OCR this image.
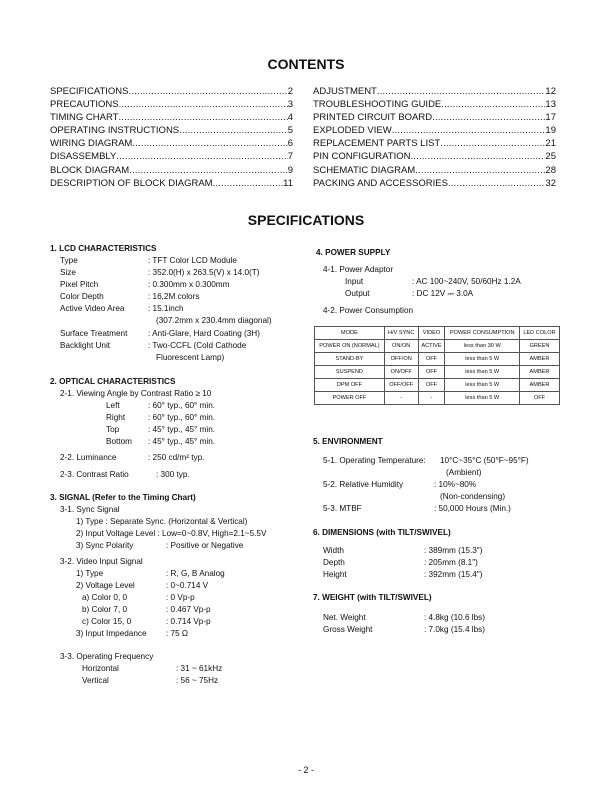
CONTENTS
SPECIFICATIONS .....	2
PRECAUTIONS .....	3
TIMING CHART .....	4
OPERATING INSTRUCTIONS .....	5
WIRING DIAGRAM .....	6
DISASSEMBLY .....	7
BLOCK DIAGRAM .....	9
DESCRIPTION OF BLOCK DIAGRAM .....	11
ADJUSTMENT .....	12
TROUBLESHOOTING GUIDE .....	13
PRINTED CIRCUIT BOARD .....	17
EXPLODED VIEW .....	19
REPLACEMENT PARTS LIST .....	21
PIN CONFIGURATION .....	25
SCHEMATIC DIAGRAM .....	28
PACKING AND ACCESSORIES .....	32
SPECIFICATIONS
1. LCD CHARACTERISTICS
Type	: TFT Color LCD Module
Size	: 352.0(H) x 263.5(V) x 14.0(T)
Pixel Pitch	: 0.300mm x 0.300mm
Color Depth	: 16,2M colors
Active Video Area	: 15.1inch
(307.2mm x 230.4mm diagonal)
Surface Treatment	: Anti-Glare, Hard Coating (3H)
Backlight Unit	: Two-CCFL (Cold Cathode
Fluorescent Lamp)
2. OPTICAL CHARACTERISTICS
2-1. Viewing Angle by Contrast Ratio ≥ 10
Left	: 60° typ., 60° min.
Right	: 60° typ., 60° min.
Top	: 45° typ., 45° min.
Bottom : 45° typ., 45° min.
2-2. Luminance	: 250 cd/m² typ.
2-3. Contrast Ratio	: 300 typ.
3. SIGNAL (Refer to the Timing Chart)
3-1. Sync Signal
1) Type : Separate Sync. (Horizontal & Vertical)
2) Input Voltage Level : Low=0~0.8V, High=2.1~5.5V
3) Sync Polarity	: Positive or Negative
3-2. Video Input Signal
1) Type	: R, G, B Analog
2) Voltage Level	: 0~0.714 V
a) Color 0, 0	: 0 Vp-p
b) Color 7, 0	: 0.467 Vp-p
c) Color 15, 0	: 0.714 Vp-p
3) Input Impedance : 75 Ω
3-3. Operating Frequency
Horizontal	: 31 ~ 61kHz
Vertical	: 56 ~ 75Hz
4. POWER SUPPLY
4-1. Power Adaptor
Input	: AC 100~240V, 50/60Hz 1.2A
Output	: DC 12V ⎓ 3.0A
4-2. Power Consumption
MODE	H/V SYNC	VIDEO	POWER CONSUMPTION	LED COLOR
POWER ON (NORMAL)	ON/ON	ACTIVE	less than 30 W	GREEN
STAND-BY	OFF/ON	OFF	less than 5 W	AMBER
SUSPEND	ON/OFF	OFF	less than 5 W	AMBER
DPM OFF	OFF/OFF	OFF	less than 5 W	AMBER
POWER OFF	-	-	less than 5 W	OFF
5. ENVIRONMENT
5-1. Operating Temperature: 10°C~35°C (50°F~95°F)
(Ambient)
5-2. Relative Humidity	: 10%~80%
(Non-condensing)
5-3. MTBF	: 50,000 Hours (Min.)
6. DIMENSIONS (with TILT/SWIVEL)
Width	: 389mm (15.3")
Depth	: 205mm (8.1")
Height	: 392mm (15.4")
7. WEIGHT (with TILT/SWIVEL)
Net. Weight	: 4.8kg (10.6 lbs)
Gross Weight	: 7.0kg (15.4 lbs)
- 2 -
